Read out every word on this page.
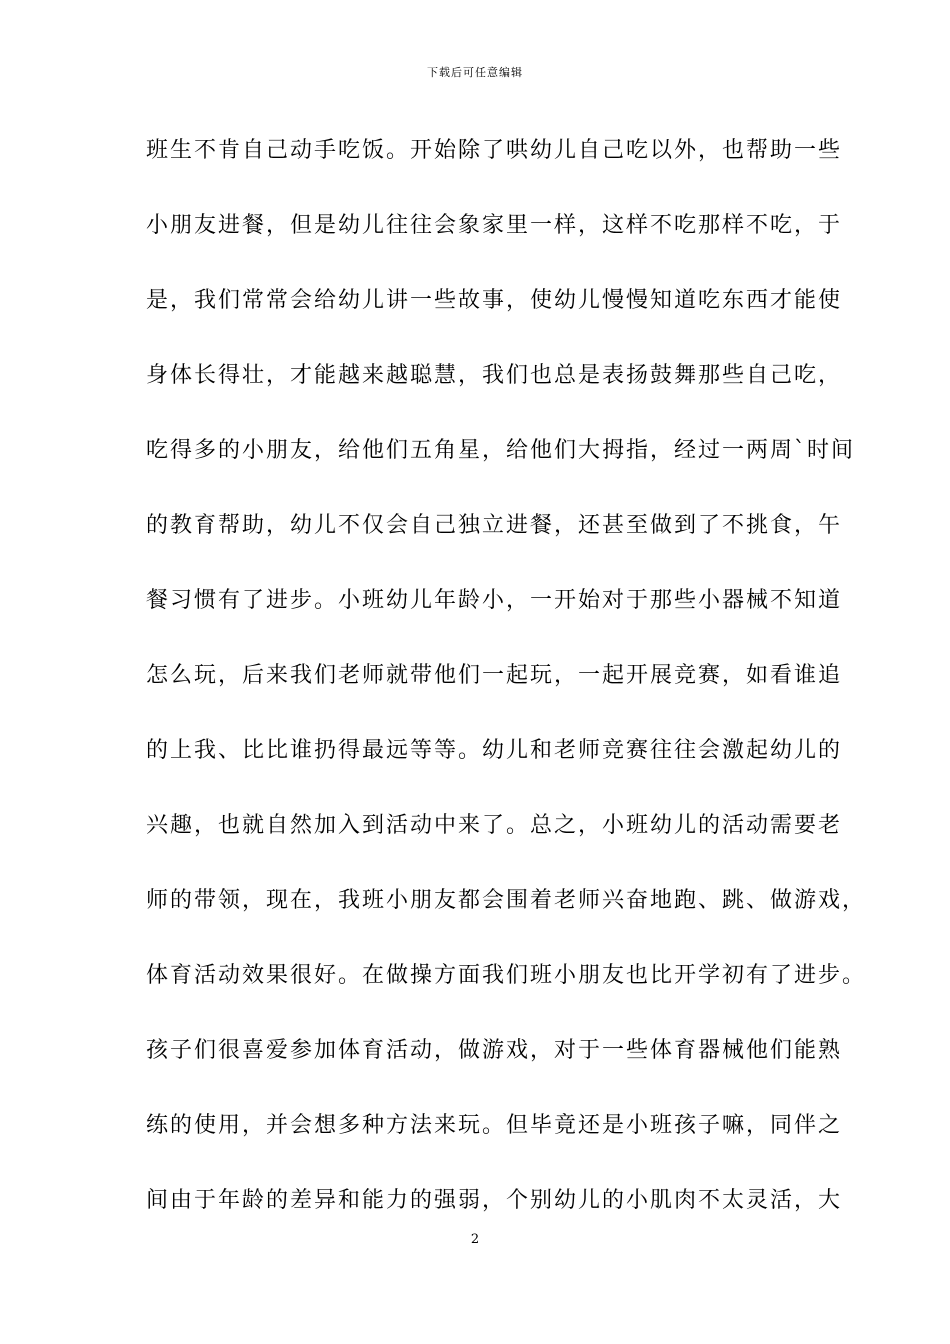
下载后可任意编辑
班生不肯自己动手吃饭。开始除了哄幼儿自己吃以外，也帮助一些
小朋友进餐，但是幼儿往往会象家里一样，这样不吃那样不吃，于
是，我们常常会给幼儿讲一些故事，使幼儿慢慢知道吃东西才能使
身体长得壮，才能越来越聪慧，我们也总是表扬鼓舞那些自己吃，
吃得多的小朋友，给他们五角星，给他们大拇指，经过一两周`时间
的教育帮助，幼儿不仅会自己独立进餐，还甚至做到了不挑食，午
餐习惯有了进步。小班幼儿年龄小，一开始对于那些小器械不知道
怎么玩，后来我们老师就带他们一起玩，一起开展竞赛，如看谁追
的上我、比比谁扔得最远等等。幼儿和老师竞赛往往会激起幼儿的
兴趣，也就自然加入到活动中来了。总之，小班幼儿的活动需要老
师的带领，现在，我班小朋友都会围着老师兴奋地跑、跳、做游戏，
体育活动效果很好。在做操方面我们班小朋友也比开学初有了进步。
孩子们很喜爱参加体育活动，做游戏，对于一些体育器械他们能熟
练的使用，并会想多种方法来玩。但毕竟还是小班孩子嘛，同伴之
间由于年龄的差异和能力的强弱，个别幼儿的小肌肉不太灵活，大
2
